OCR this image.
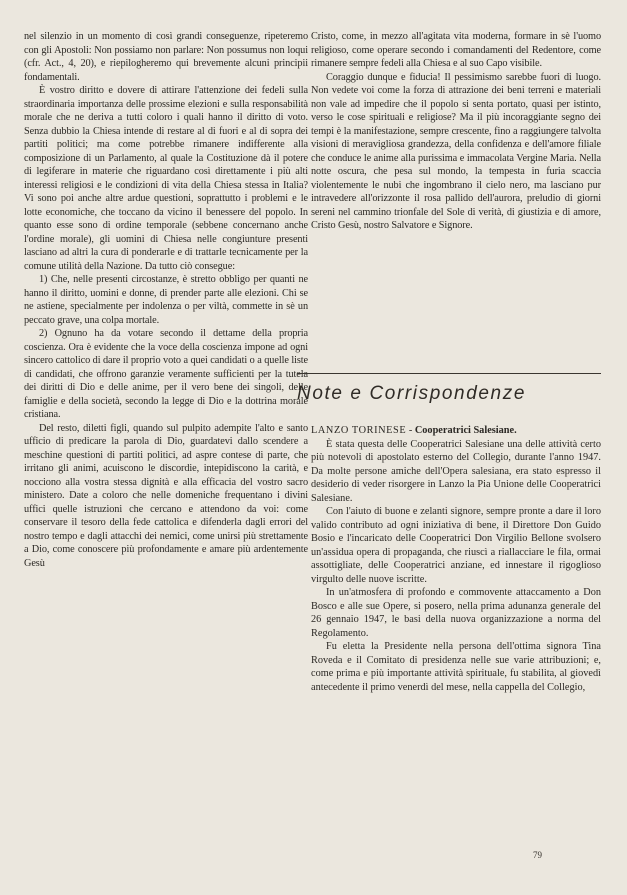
nel silenzio in un momento di così grandi conseguenze, ripeteremo con gli Apostoli: Non possiamo non parlare: Non possumus non loqui (cfr. Act., 4, 20), e riepilogheremo qui brevemente alcuni principii fondamentali.

È vostro diritto e dovere di attirare l'attenzione dei fedeli sulla straordinaria importanza delle prossime elezioni e sulla responsabilità morale che ne deriva a tutti coloro i quali hanno il diritto di voto. Senza dubbio la Chiesa intende di restare al di fuori e al di sopra dei partiti politici; ma come potrebbe rimanere indifferente alla composizione di un Parlamento, al quale la Costituzione dà il potere di legiferare in materie che riguardano così direttamente i più alti interessi religiosi e le condizioni di vita della Chiesa stessa in Italia? Vi sono poi anche altre ardue questioni, soprattutto i problemi e le lotte economiche, che toccano da vicino il benessere del popolo. In quanto esse sono di ordine temporale (sebbene concernano anche l'ordine morale), gli uomini di Chiesa nelle congiunture presenti lasciano ad altri la cura di ponderarle e di trattarle tecnicamente per la comune utilità della Nazione. Da tutto ciò consegue:

1) Che, nelle presenti circostanze, è stretto obbligo per quanti ne hanno il diritto, uomini e donne, di prender parte alle elezioni. Chi se ne astiene, specialmente per indolenza o per viltà, commette in sè un peccato grave, una colpa mortale.

2) Ognuno ha da votare secondo il dettame della propria coscienza. Ora è evidente che la voce della coscienza impone ad ogni sincero cattolico di dare il proprio voto a quei candidati o a quelle liste di candidati, che offrono garanzie veramente sufficienti per la tutela dei diritti di Dio e delle anime, per il vero bene dei singoli, delle famiglie e della società, secondo la legge di Dio e la dottrina morale cristiana.

Del resto, diletti figli, quando sul pulpito adempite l'alto e santo ufficio di predicare la parola di Dio, guardatevi dallo scendere a meschine questioni di partiti politici, ad aspre contese di parte, che irritano gli animi, acuiscono le discordie, intepidiscono la carità, e nocciono alla vostra stessa dignità e alla efficacia del vostro sacro ministero. Date a coloro che nelle domeniche frequentano i divini uffici quelle istruzioni che cercano e attendono da voi: come conservare il tesoro della fede cattolica e difenderla dagli errori del nostro tempo e dagli attacchi dei nemici, come unirsi più strettamente a Dio, come conoscere più profondamente e amare più ardentemente Gesù

Cristo, come, in mezzo all'agitata vita moderna, formare in sè l'uomo religioso, come operare secondo i comandamenti del Redentore, come rimanere sempre fedeli alla Chiesa e al suo Capo visibile.

Coraggio dunque e fiducia! Il pessimismo sarebbe fuori di luogo. Non vedete voi come la forza di attrazione dei beni terreni e materiali non vale ad impedire che il popolo si senta portato, quasi per istinto, verso le cose spirituali e religiose? Ma il più incoraggiante segno dei tempi è la manifestazione, sempre crescente, fino a raggiungere talvolta visioni di meravigliosa grandezza, della confidenza e dell'amore filiale che conduce le anime alla purissima e immacolata Vergine Maria. Nella notte oscura, che pesa sul mondo, la tempesta in furia scaccia violentemente le nubi che ingombrano il cielo nero, ma lasciano pur intravedere all'orizzonte il rosa pallido dell'aurora, preludio di giorni sereni nel cammino trionfale del Sole di verità, di giustizia e di amore, Cristo Gesù, nostro Salvatore e Signore.

Note e Corrispondenze

LANZO TORINESE - Cooperatrici Salesiane.

È stata questa delle Cooperatrici Salesiane una delle attività certo più notevoli di apostolato esterno del Collegio, durante l'anno 1947. Da molte persone amiche dell'Opera salesiana, era stato espresso il desiderio di veder risorgere in Lanzo la Pia Unione delle Cooperatrici Salesiane.

Con l'aiuto di buone e zelanti signore, sempre pronte a dare il loro valido contributo ad ogni iniziativa di bene, il Direttore Don Guido Bosio e l'incaricato delle Cooperatrici Don Virgilio Bellone svolsero un'assidua opera di propaganda, che riuscì a riallacciare le fila, ormai assottigliate, delle Cooperatrici anziane, ed innestare il rigoglioso virgulto delle nuove iscritte.

In un'atmosfera di profondo e commovente attaccamento a Don Bosco e alle sue Opere, si posero, nella prima adunanza generale del 26 gennaio 1947, le basi della nuova organizzazione a norma del Regolamento.

Fu eletta la Presidente nella persona dell'ottima signora Tina Roveda e il Comitato di presidenza nelle sue varie attribuzioni; e, come prima e più importante attività spirituale, fu stabilita, al giovedì antecedente il primo venerdì del mese, nella cappella del Collegio,

79
